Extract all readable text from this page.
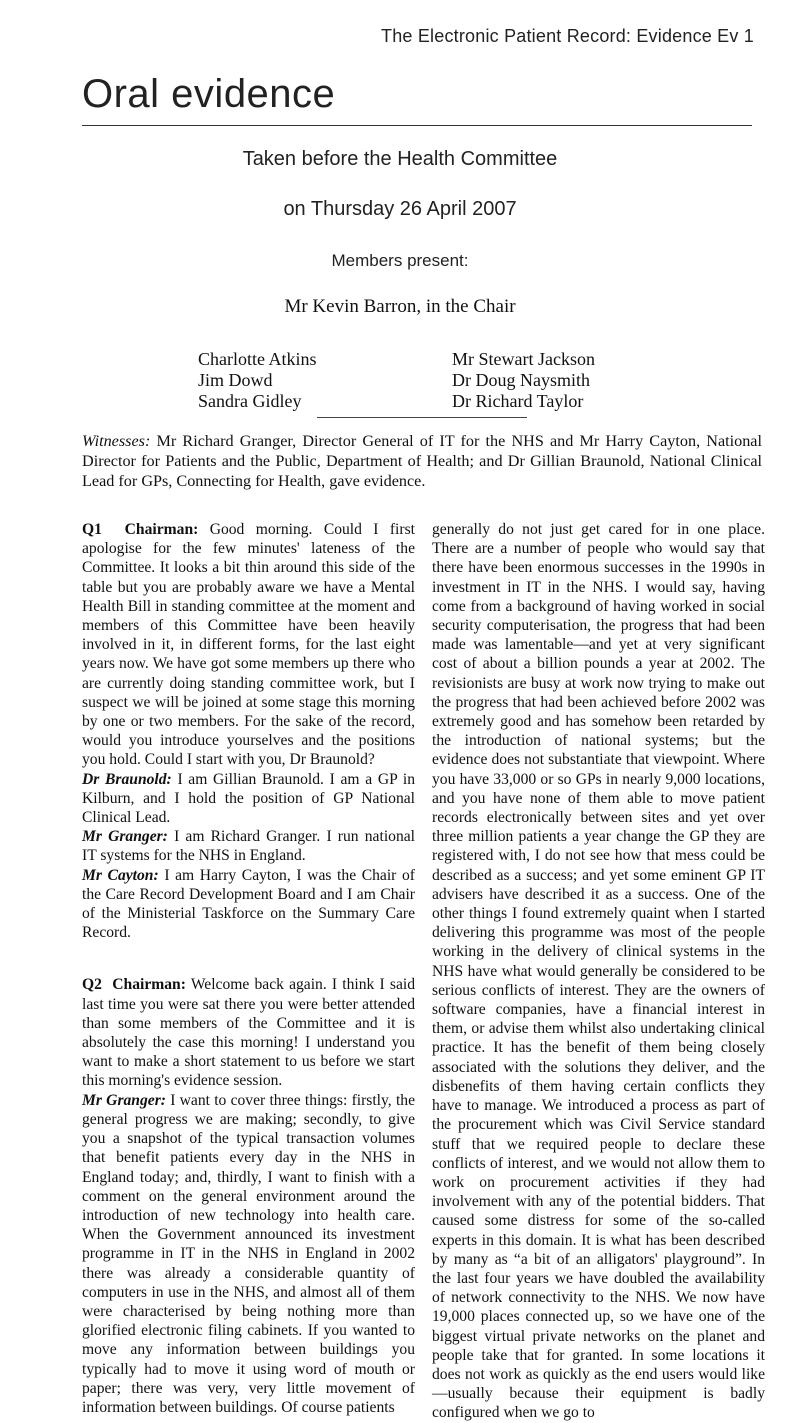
The Electronic Patient Record: Evidence Ev 1
Oral evidence

Taken before the Health Committee

on Thursday 26 April 2007

Members present:

Mr Kevin Barron, in the Chair

Charlotte Atkins
Jim Dowd
Sandra Gidley
Mr Stewart Jackson
Dr Doug Naysmith
Dr Richard Taylor

Witnesses: Mr Richard Granger, Director General of IT for the NHS and Mr Harry Cayton, National Director for Patients and the Public, Department of Health; and Dr Gillian Braunold, National Clinical Lead for GPs, Connecting for Health, gave evidence.

Q1 Chairman: Good morning. Could I first apologise for the few minutes' lateness of the Committee. It looks a bit thin around this side of the table but you are probably aware we have a Mental Health Bill in standing committee at the moment and members of this Committee have been heavily involved in it, in different forms, for the last eight years now. We have got some members up there who are currently doing standing committee work, but I suspect we will be joined at some stage this morning by one or two members. For the sake of the record, would you introduce yourselves and the positions you hold. Could I start with you, Dr Braunold?

Dr Braunold: I am Gillian Braunold. I am a GP in Kilburn, and I hold the position of GP National Clinical Lead.

Mr Granger: I am Richard Granger. I run national IT systems for the NHS in England.

Mr Cayton: I am Harry Cayton, I was the Chair of the Care Record Development Board and I am Chair of the Ministerial Taskforce on the Summary Care Record.

Q2 Chairman: Welcome back again. I think I said last time you were sat there you were better attended than some members of the Committee and it is absolutely the case this morning! I understand you want to make a short statement to us before we start this morning's evidence session.

Mr Granger: I want to cover three things: firstly, the general progress we are making; secondly, to give you a snapshot of the typical transaction volumes that benefit patients every day in the NHS in England today; and, thirdly, I want to finish with a comment on the general environment around the introduction of new technology into health care. When the Government announced its investment programme in IT in the NHS in England in 2002 there was already a considerable quantity of computers in use in the NHS, and almost all of them were characterised by being nothing more than glorified electronic filing cabinets. If you wanted to move any information between buildings you typically had to move it using word of mouth or paper; there was very, very little movement of information between buildings. Of course patients

generally do not just get cared for in one place. There are a number of people who would say that there have been enormous successes in the 1990s in investment in IT in the NHS. I would say, having come from a background of having worked in social security computerisation, the progress that had been made was lamentable—and yet at very significant cost of about a billion pounds a year at 2002. The revisionists are busy at work now trying to make out the progress that had been achieved before 2002 was extremely good and has somehow been retarded by the introduction of national systems; but the evidence does not substantiate that viewpoint. Where you have 33,000 or so GPs in nearly 9,000 locations, and you have none of them able to move patient records electronically between sites and yet over three million patients a year change the GP they are registered with, I do not see how that mess could be described as a success; and yet some eminent GP IT advisers have described it as a success. One of the other things I found extremely quaint when I started delivering this programme was most of the people working in the delivery of clinical systems in the NHS have what would generally be considered to be serious conflicts of interest. They are the owners of software companies, have a financial interest in them, or advise them whilst also undertaking clinical practice. It has the benefit of them being closely associated with the solutions they deliver, and the disbenefits of them having certain conflicts they have to manage. We introduced a process as part of the procurement which was Civil Service standard stuff that we required people to declare these conflicts of interest, and we would not allow them to work on procurement activities if they had involvement with any of the potential bidders. That caused some distress for some of the so-called experts in this domain. It is what has been described by many as “a bit of an alligators' playground”. In the last four years we have doubled the availability of network connectivity to the NHS. We now have 19,000 places connected up, so we have one of the biggest virtual private networks on the planet and people take that for granted. In some locations it does not work as quickly as the end users would like—usually because their equipment is badly configured when we go to
